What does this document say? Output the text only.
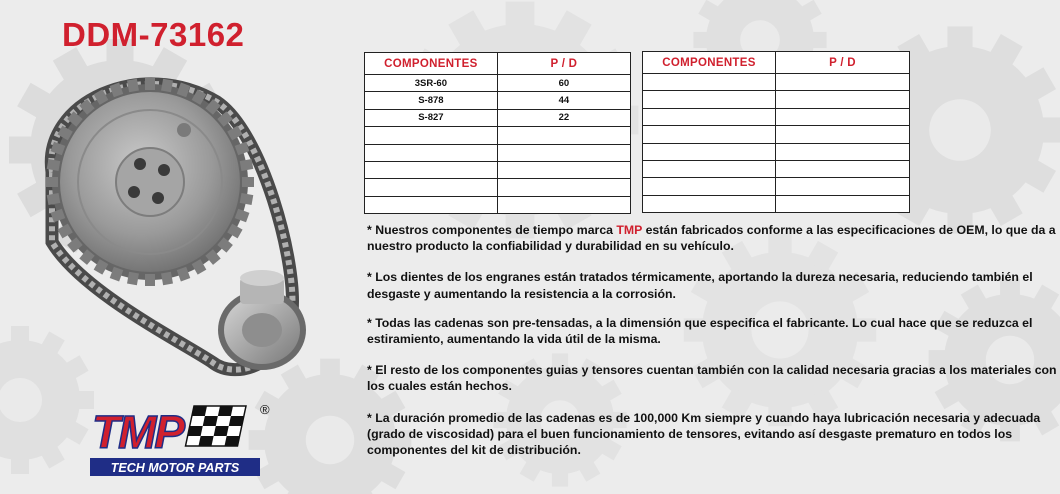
DDM-73162
COMPONENTES	P / D
3SR-60	60
S-878	44
S-827	22

COMPONENTES	P / D

* Nuestros componentes de tiempo marca TMP están fabricados conforme a las especificaciones de OEM, lo que da a nuestro producto la confiabilidad y durabilidad en su vehículo.

* Los dientes de los engranes están tratados térmicamente, aportando la dureza necesaria, reduciendo también el desgaste y aumentando la resistencia a la corrosión.

* Todas las cadenas son pre-tensadas, a la dimensión que especifica el fabricante. Lo cual hace que se reduzca el estiramiento, aumentando la vida útil de la misma.

* El resto de los componentes guias y tensores cuentan también con la calidad necesaria gracias a los materiales con los cuales están hechos.

* La duración promedio de las cadenas es de 100,000 Km siempre y cuando haya lubricación necesaria y adecuada (grado de viscosidad) para el buen funcionamiento de tensores, evitando así desgaste prematuro en todos los componentes del kit de distribución.

TMP	®
TECH MOTOR PARTS
